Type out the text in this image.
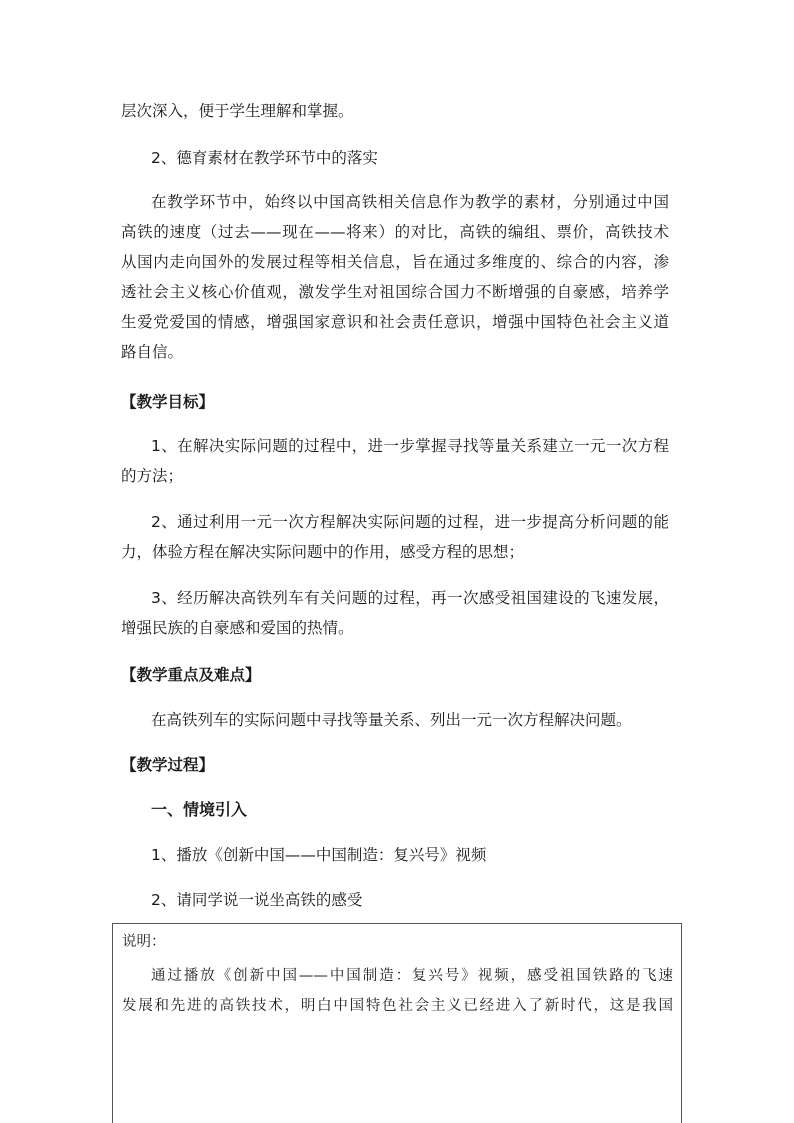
层次深入，便于学生理解和掌握。
2、德育素材在教学环节中的落实
在教学环节中，始终以中国高铁相关信息作为教学的素材，分别通过中国
高铁的速度（过去——现在——将来）的对比，高铁的编组、票价，高铁技术
从国内走向国外的发展过程等相关信息，旨在通过多维度的、综合的内容，渗
透社会主义核心价值观，激发学生对祖国综合国力不断增强的自豪感，培养学
生爱党爱国的情感，增强国家意识和社会责任意识，增强中国特色社会主义道
路自信。
【教学目标】
1、在解决实际问题的过程中，进一步掌握寻找等量关系建立一元一次方程
的方法；
2、通过利用一元一次方程解决实际问题的过程，进一步提高分析问题的能
力，体验方程在解决实际问题中的作用，感受方程的思想；
3、经历解决高铁列车有关问题的过程，再一次感受祖国建设的飞速发展，
增强民族的自豪感和爱国的热情。
【教学重点及难点】
在高铁列车的实际问题中寻找等量关系、列出一元一次方程解决问题。
【教学过程】
一、情境引入
1、播放《创新中国——中国制造：复兴号》视频
2、请同学说一说坐高铁的感受
说明：
通过播放《创新中国——中国制造：复兴号》视频，感受祖国铁路的飞速
发展和先进的高铁技术，明白中国特色社会主义已经进入了新时代，这是我国
